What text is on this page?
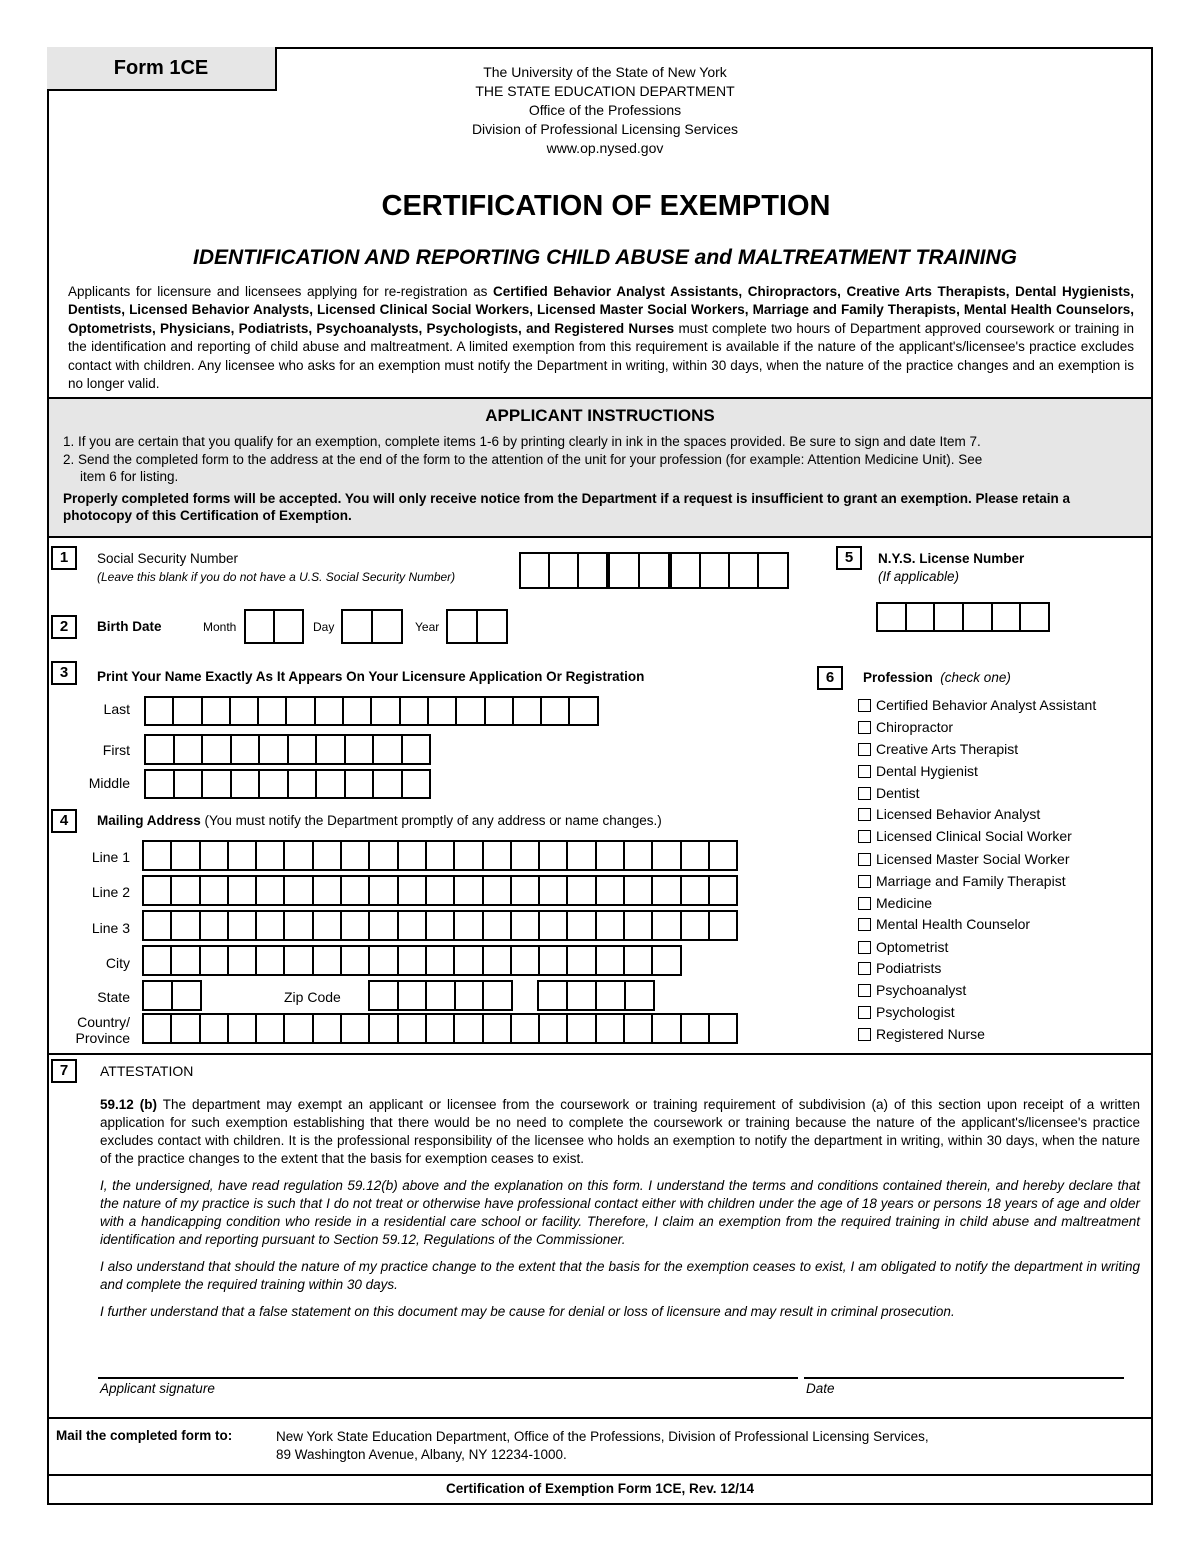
Form 1CE	The University of the State of New York
THE STATE EDUCATION DEPARTMENT
Office of the Professions
Division of Professional Licensing Services
www.op.nysed.gov
CERTIFICATION OF EXEMPTION
IDENTIFICATION AND REPORTING CHILD ABUSE and MALTREATMENT TRAINING
Applicants for licensure and licensees applying for re-registration as Certified Behavior Analyst Assistants, Chiropractors, Creative Arts Therapists, Dental Hygienists, Dentists, Licensed Behavior Analysts, Licensed Clinical Social Workers, Licensed Master Social Workers, Marriage and Family Therapists, Mental Health Counselors, Optometrists, Physicians, Podiatrists, Psychoanalysts, Psychologists, and Registered Nurses must complete two hours of Department approved coursework or training in the identification and reporting of child abuse and maltreatment. A limited exemption from this requirement is available if the nature of the applicant's/licensee's practice excludes contact with children. Any licensee who asks for an exemption must notify the Department in writing, within 30 days, when the nature of the practice changes and an exemption is no longer valid.
APPLICANT INSTRUCTIONS
1. If you are certain that you qualify for an exemption, complete items 1-6 by printing clearly in ink in the spaces provided. Be sure to sign and date Item 7.
2. Send the completed form to the address at the end of the form to the attention of the unit for your profession (for example: Attention Medicine Unit). See
item 6 for listing.
Properly completed forms will be accepted. You will only receive notice from the Department if a request is insufficient to grant an exemption. Please retain a photocopy of this Certification of Exemption.
1	Social Security Number
(Leave this blank if you do not have a U.S. Social Security Number)
2	Birth Date	Month	Day	Year
3	Print Your Name Exactly As It Appears On Your Licensure Application Or Registration
Last
First
Middle
4	Mailing Address (You must notify the Department promptly of any address or name changes.)
Line 1
Line 2
Line 3
City
State	Zip Code
Country/
Province
5	N.Y.S. License Number
(If applicable)
6	Profession (check one)
Certified Behavior Analyst Assistant
Chiropractor
Creative Arts Therapist
Dental Hygienist
Dentist
Licensed Behavior Analyst
Licensed Clinical Social Worker
Licensed Master Social Worker
Marriage and Family Therapist
Medicine
Mental Health Counselor
Optometrist
Podiatrists
Psychoanalyst
Psychologist
Registered Nurse
7	ATTESTATION

59.12 (b) The department may exempt an applicant or licensee from the coursework or training requirement of subdivision (a) of this section upon receipt of a written application for such exemption establishing that there would be no need to complete the coursework or training because the nature of the applicant's/licensee's practice excludes contact with children. It is the professional responsibility of the licensee who holds an exemption to notify the department in writing, within 30 days, when the nature of the practice changes to the extent that the basis for exemption ceases to exist.

I, the undersigned, have read regulation 59.12(b) above and the explanation on this form. I understand the terms and conditions contained therein, and hereby declare that the nature of my practice is such that I do not treat or otherwise have professional contact either with children under the age of 18 years or persons 18 years of age and older with a handicapping condition who reside in a residential care school or facility. Therefore, I claim an exemption from the required training in child abuse and maltreatment identification and reporting pursuant to Section 59.12, Regulations of the Commissioner.

I also understand that should the nature of my practice change to the extent that the basis for the exemption ceases to exist, I am obligated to notify the department in writing and complete the required training within 30 days.

I further understand that a false statement on this document may be cause for denial or loss of licensure and may result in criminal prosecution.

Applicant signature	Date
Mail the completed form to:	New York State Education Department, Office of the Professions, Division of Professional Licensing Services,
89 Washington Avenue, Albany, NY 12234-1000.
Certification of Exemption Form 1CE, Rev. 12/14
